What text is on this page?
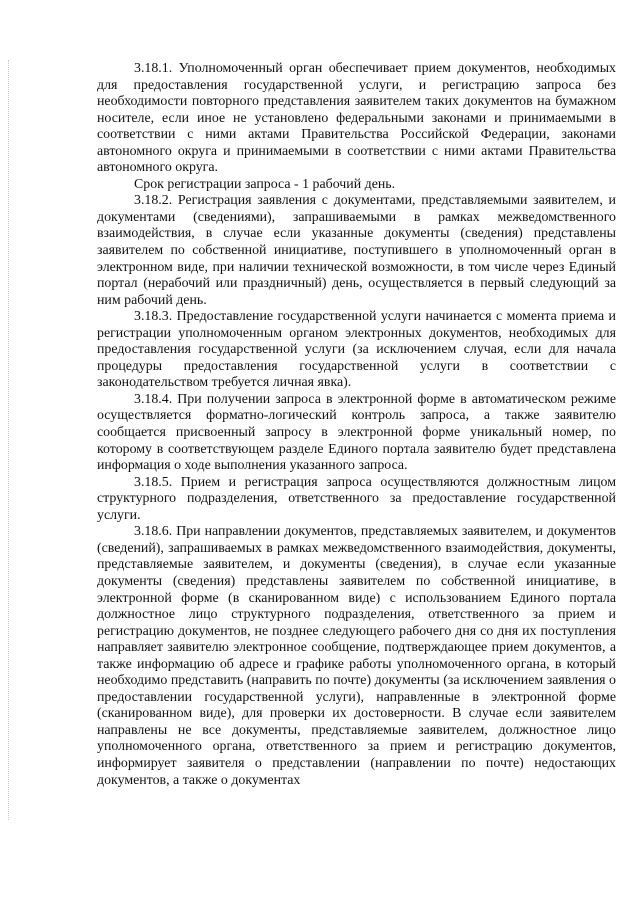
3.18.1. Уполномоченный орган обеспечивает прием документов, необходимых для предоставления государственной услуги, и регистрацию запроса без необходимости повторного представления заявителем таких документов на бумажном носителе, если иное не установлено федеральными законами и принимаемыми в соответствии с ними актами Правительства Российской Федерации, законами автономного округа и принимаемыми в соответствии с ними актами Правительства автономного округа.

Срок регистрации запроса - 1 рабочий день.

3.18.2. Регистрация заявления с документами, представляемыми заявителем, и документами (сведениями), запрашиваемыми в рамках межведомственного взаимодействия, в случае если указанные документы (сведения) представлены заявителем по собственной инициативе, поступившего в уполномоченный орган в электронном виде, при наличии технической возможности, в том числе через Единый портал (нерабочий или праздничный) день, осуществляется в первый следующий за ним рабочий день.

3.18.3. Предоставление государственной услуги начинается с момента приема и регистрации уполномоченным органом электронных документов, необходимых для предоставления государственной услуги (за исключением случая, если для начала процедуры предоставления государственной услуги в соответствии с законодательством требуется личная явка).

3.18.4. При получении запроса в электронной форме в автоматическом режиме осуществляется форматно-логический контроль запроса, а также заявителю сообщается присвоенный запросу в электронной форме уникальный номер, по которому в соответствующем разделе Единого портала заявителю будет представлена информация о ходе выполнения указанного запроса.

3.18.5. Прием и регистрация запроса осуществляются должностным лицом структурного подразделения, ответственного за предоставление государственной услуги.

3.18.6. При направлении документов, представляемых заявителем, и документов (сведений), запрашиваемых в рамках межведомственного взаимодействия, документы, представляемые заявителем, и документы (сведения), в случае если указанные документы (сведения) представлены заявителем по собственной инициативе, в электронной форме (в сканированном виде) с использованием Единого портала должностное лицо структурного подразделения, ответственного за прием и регистрацию документов, не позднее следующего рабочего дня со дня их поступления направляет заявителю электронное сообщение, подтверждающее прием документов, а также информацию об адресе и графике работы уполномоченного органа, в который необходимо представить (направить по почте) документы (за исключением заявления о предоставлении государственной услуги), направленные в электронной форме (сканированном виде), для проверки их достоверности. В случае если заявителем направлены не все документы, представляемые заявителем, должностное лицо уполномоченного органа, ответственного за прием и регистрацию документов, информирует заявителя о представлении (направлении по почте) недостающих документов, а также о документах
